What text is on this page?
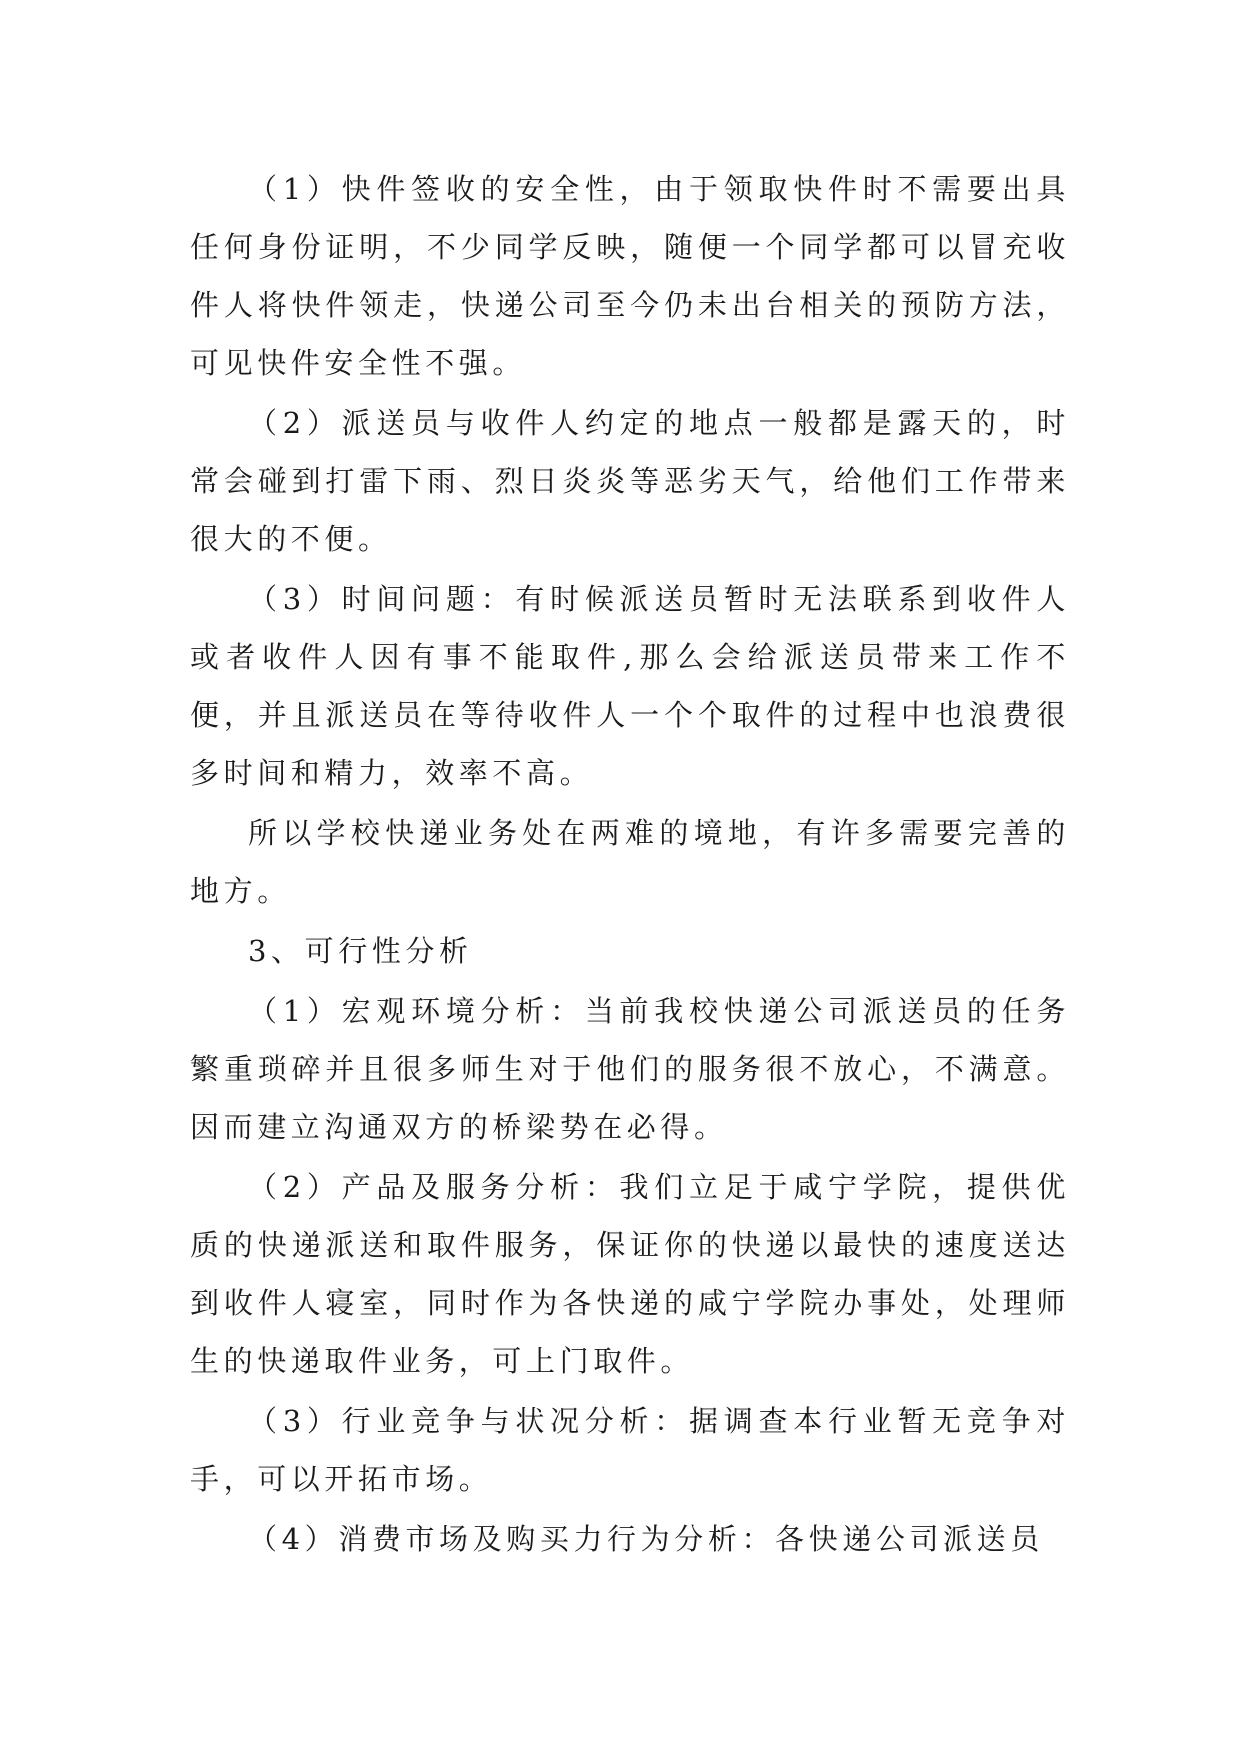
（1）快件签收的安全性，由于领取快件时不需要出具任何身份证明，不少同学反映，随便一个同学都可以冒充收件人将快件领走，快递公司至今仍未出台相关的预防方法，可见快件安全性不强。

（2）派送员与收件人约定的地点一般都是露天的，时常会碰到打雷下雨、烈日炎炎等恶劣天气，给他们工作带来很大的不便。

（3）时间问题：有时候派送员暂时无法联系到收件人或者收件人因有事不能取件,那么会给派送员带来工作不便，并且派送员在等待收件人一个个取件的过程中也浪费很多时间和精力，效率不高。

所以学校快递业务处在两难的境地，有许多需要完善的地方。

3、可行性分析

（1）宏观环境分析：当前我校快递公司派送员的任务繁重琐碎并且很多师生对于他们的服务很不放心，不满意。因而建立沟通双方的桥梁势在必得。

（2）产品及服务分析：我们立足于咸宁学院，提供优质的快递派送和取件服务，保证你的快递以最快的速度送达到收件人寝室，同时作为各快递的咸宁学院办事处，处理师生的快递取件业务，可上门取件。

（3）行业竞争与状况分析：据调查本行业暂无竞争对手，可以开拓市场。

（4）消费市场及购买力行为分析：各快递公司派送员
